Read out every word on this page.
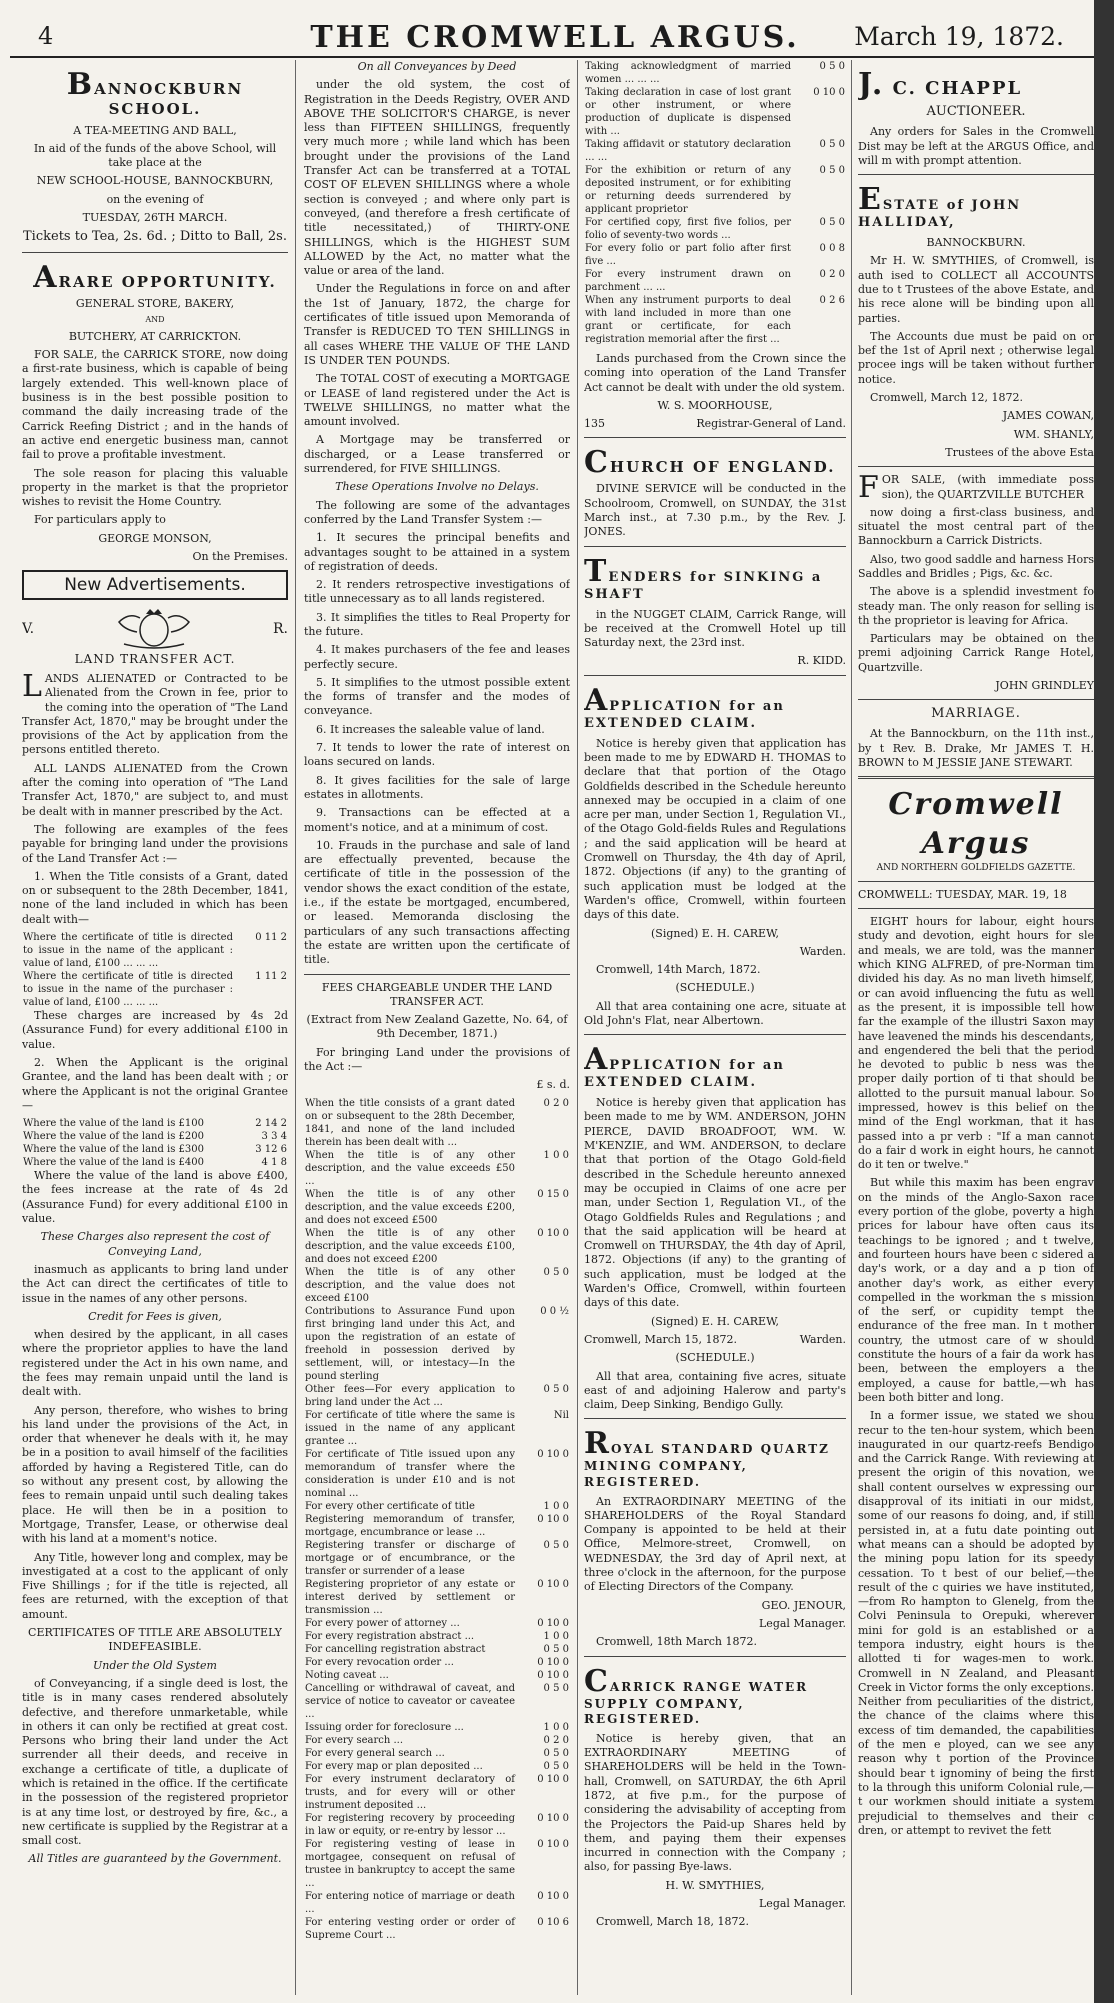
4	THE CROMWELL ARGUS.	March 19, 1872.
BANNOCKBURN SCHOOL.

A TEA-MEETING AND BALL,

In aid of the funds of the above School, will take place at the

NEW SCHOOL-HOUSE, BANNOCKBURN,

on the evening of

TUESDAY, 26TH MARCH.

Tickets to Tea, 2s. 6d. ; Ditto to Ball, 2s.

ARARE OPPORTUNITY.

GENERAL STORE, BAKERY,

AND

BUTCHERY, AT CARRICKTON.

FOR SALE, the CARRICK STORE, now doing a first-rate business, which is capable of being largely extended. This well-known place of business is in the best possible position to command the daily increasing trade of the Carrick Reefing District ; and in the hands of an active end energetic business man, cannot fail to prove a profitable investment.

The sole reason for placing this valuable property in the market is that the proprietor wishes to revisit the Home Country.

For particulars apply to

GEORGE MONSON,

On the Premises.

New Advertisements.
V.	R.

LAND TRANSFER ACT.

LANDS ALIENATED or Contracted to be Alienated from the Crown in fee, prior to the coming into the operation of "The Land Transfer Act, 1870," may be brought under the provisions of the Act by application from the persons entitled thereto.

ALL LANDS ALIENATED from the Crown after the coming into operation of "The Land Transfer Act, 1870," are subject to, and must be dealt with in manner prescribed by the Act.

The following are examples of the fees payable for bringing land under the provisions of the Land Transfer Act :—

1. When the Title consists of a Grant, dated on or subsequent to the 28th December, 1841, none of the land included in which has been dealt with—

Where the certificate of title is directed to issue in the name of the applicant : value of land, £100 ... ... ...	0 11 2
Where the certificate of title is directed to issue in the name of the purchaser : value of land, £100 ... ... ...	1 11 2

These charges are increased by 4s 2d (Assurance Fund) for every additional £100 in value.

2. When the Applicant is the original Grantee, and the land has been dealt with ; or where the Applicant is not the original Grantee—

Where the value of the land is £100	2 14 2
Where the value of the land is £200	3 3 4
Where the value of the land is £300	3 12 6
Where the value of the land is £400	4 1 8

Where the value of the land is above £400, the fees increase at the rate of 4s 2d (Assurance Fund) for every additional £100 in value.

These Charges also represent the cost of Conveying Land,

inasmuch as applicants to bring land under the Act can direct the certificates of title to issue in the names of any other persons.

Credit for Fees is given,

when desired by the applicant, in all cases where the proprietor applies to have the land registered under the Act in his own name, and the fees may remain unpaid until the land is dealt with.

Any person, therefore, who wishes to bring his land under the provisions of the Act, in order that whenever he deals with it, he may be in a position to avail himself of the facilities afforded by having a Registered Title, can do so without any present cost, by allowing the fees to remain unpaid until such dealing takes place. He will then be in a position to Mortgage, Transfer, Lease, or otherwise deal with his land at a moment's notice.

Any Title, however long and complex, may be investigated at a cost to the applicant of only Five Shillings ; for if the title is rejected, all fees are returned, with the exception of that amount.

CERTIFICATES OF TITLE ARE ABSOLUTELY INDEFEASIBLE.

Under the Old System

of Conveyancing, if a single deed is lost, the title is in many cases rendered absolutely defective, and therefore unmarketable, while in others it can only be rectified at great cost. Persons who bring their land under the Act surrender all their deeds, and receive in exchange a certificate of title, a duplicate of which is retained in the office. If the certificate in the possession of the registered proprietor is at any time lost, or destroyed by fire, &c., a new certificate is supplied by the Registrar at a small cost.

All Titles are guaranteed by the Government.

On all Conveyances by Deed

under the old system, the cost of Registration in the Deeds Registry, OVER AND ABOVE THE SOLICITOR'S CHARGE, is never less than FIFTEEN SHILLINGS, frequently very much more ; while land which has been brought under the provisions of the Land Transfer Act can be transferred at a TOTAL COST OF ELEVEN SHILLINGS where a whole section is conveyed ; and where only part is conveyed, (and therefore a fresh certificate of title necessitated,) of THIRTY-ONE SHILLINGS, which is the HIGHEST SUM ALLOWED by the Act, no matter what the value or area of the land.

Under the Regulations in force on and after the 1st of January, 1872, the charge for certificates of title issued upon Memoranda of Transfer is REDUCED TO TEN SHILLINGS in all cases WHERE THE VALUE OF THE LAND IS UNDER TEN POUNDS.

The TOTAL COST of executing a MORTGAGE or LEASE of land registered under the Act is TWELVE SHILLINGS, no matter what the amount involved.

A Mortgage may be transferred or discharged, or a Lease transferred or surrendered, for FIVE SHILLINGS.

These Operations Involve no Delays.

The following are some of the advantages conferred by the Land Transfer System :—

1. It secures the principal benefits and advantages sought to be attained in a system of registration of deeds.

2. It renders retrospective investigations of title unnecessary as to all lands registered.

3. It simplifies the titles to Real Property for the future.

4. It makes purchasers of the fee and leases perfectly secure.

5. It simplifies to the utmost possible extent the forms of transfer and the modes of conveyance.

6. It increases the saleable value of land.

7. It tends to lower the rate of interest on loans secured on lands.

8. It gives facilities for the sale of large estates in allotments.

9. Transactions can be effected at a moment's notice, and at a minimum of cost.

10. Frauds in the purchase and sale of land are effectually prevented, because the certificate of title in the possession of the vendor shows the exact condition of the estate, i.e., if the estate be mortgaged, encumbered, or leased. Memoranda disclosing the particulars of any such transactions affecting the estate are written upon the certificate of title.

FEES CHARGEABLE UNDER THE LAND TRANSFER ACT.

(Extract from New Zealand Gazette, No. 64, of 9th December, 1871.)

For bringing Land under the provisions of the Act :—

£ s. d.

When the title consists of a grant dated on or subsequent to the 28th December, 1841, and none of the land included therein has been dealt with ...	0 2 0
When the title is of any other description, and the value exceeds £50 ...	1 0 0
When the title is of any other description, and the value exceeds £200, and does not exceed £500	0 15 0
When the title is of any other description, and the value exceeds £100, and does not exceed £200	0 10 0
When the title is of any other description, and the value does not exceed £100	0 5 0
Contributions to Assurance Fund upon first bringing land under this Act, and upon the registration of an estate of freehold in possession derived by settlement, will, or intestacy—In the pound sterling	0 0 ½
Other fees—For every application to bring land under the Act ...	0 5 0
For certificate of title where the same is issued in the name of any applicant grantee ...	Nil
For certificate of Title issued upon any memorandum of transfer where the consideration is under £10 and is not nominal ...	0 10 0
For every other certificate of title	1 0 0
Registering memorandum of transfer, mortgage, encumbrance or lease ...	0 10 0
Registering transfer or discharge of mortgage or of encumbrance, or the transfer or surrender of a lease	0 5 0
Registering proprietor of any estate or interest derived by settlement or transmission ...	0 10 0
For every power of attorney ...	0 10 0
For every registration abstract ...	1 0 0
For cancelling registration abstract	0 5 0
For every revocation order ...	0 10 0
Noting caveat ...	0 10 0
Cancelling or withdrawal of caveat, and service of notice to caveator or caveatee ...	0 5 0
Issuing order for foreclosure ...	1 0 0
For every search ...	0 2 0
For every general search ...	0 5 0
For every map or plan deposited ...	0 5 0
For every instrument declaratory of trusts, and for every will or other instrument deposited ...	0 10 0
For registering recovery by proceeding in law or equity, or re-entry by lessor ...	0 10 0
For registering vesting of lease in mortgagee, consequent on refusal of trustee in bankruptcy to accept the same ...	0 10 0
For entering notice of marriage or death ...	0 10 0
For entering vesting order or order of Supreme Court ...	0 10 6
Taking acknowledgment of married women ... ... ...	0 5 0
Taking declaration in case of lost grant or other instrument, or where production of duplicate is dispensed with ...	0 10 0
Taking affidavit or statutory declaration ... ...	0 5 0
For the exhibition or return of any deposited instrument, or for exhibiting or returning deeds surrendered by applicant proprietor	0 5 0
For certified copy, first five folios, per folio of seventy-two words ...	0 5 0
For every folio or part folio after first five ...	0 0 8
For every instrument drawn on parchment ... ...	0 2 0
When any instrument purports to deal with land included in more than one grant or certificate, for each registration memorial after the first ...	0 2 6

Lands purchased from the Crown since the coming into operation of the Land Transfer Act cannot be dealt with under the old system.

W. S. MOORHOUSE,

135	Registrar-General of Land.

CHURCH OF ENGLAND.

DIVINE SERVICE will be conducted in the Schoolroom, Cromwell, on SUNDAY, the 31st March inst., at 7.30 p.m., by the Rev. J. JONES.

TENDERS for SINKING a SHAFT

in the NUGGET CLAIM, Carrick Range, will be received at the Cromwell Hotel up till Saturday next, the 23rd inst.

R. KIDD.

APPLICATION for an EXTENDED CLAIM.

Notice is hereby given that application has been made to me by EDWARD H. THOMAS to declare that that portion of the Otago Goldfields described in the Schedule hereunto annexed may be occupied in a claim of one acre per man, under Section 1, Regulation VI., of the Otago Gold-fields Rules and Regulations ; and the said application will be heard at Cromwell on Thursday, the 4th day of April, 1872. Objections (if any) to the granting of such application must be lodged at the Warden's office, Cromwell, within fourteen days of this date.

(Signed) E. H. CAREW,

Warden.

Cromwell, 14th March, 1872.

(SCHEDULE.)

All that area containing one acre, situate at Old John's Flat, near Albertown.

APPLICATION for an EXTENDED CLAIM.

Notice is hereby given that application has been made to me by WM. ANDERSON, JOHN PIERCE, DAVID BROADFOOT, WM. W. M'KENZIE, and WM. ANDERSON, to declare that that portion of the Otago Gold-field described in the Schedule hereunto annexed may be occupied in Claims of one acre per man, under Section 1, Regulation VI., of the Otago Goldfields Rules and Regulations ; and that the said application will be heard at Cromwell on THURSDAY, the 4th day of April, 1872. Objections (if any) to the granting of such application, must be lodged at the Warden's Office, Cromwell, within fourteen days of this date.

(Signed) E. H. CAREW,

Cromwell, March 15, 1872.	Warden.

(SCHEDULE.)

All that area, containing five acres, situate east of and adjoining Halerow and party's claim, Deep Sinking, Bendigo Gully.

ROYAL STANDARD QUARTZ MINING COMPANY, REGISTERED.

An EXTRAORDINARY MEETING of the SHAREHOLDERS of the Royal Standard Company is appointed to be held at their Office, Melmore-street, Cromwell, on WEDNESDAY, the 3rd day of April next, at three o'clock in the afternoon, for the purpose of Electing Directors of the Company.

GEO. JENOUR,

Legal Manager.

Cromwell, 18th March 1872.

CARRICK RANGE WATER SUPPLY COMPANY, REGISTERED.

Notice is hereby given, that an EXTRAORDINARY MEETING of SHAREHOLDERS will be held in the Town-hall, Cromwell, on SATURDAY, the 6th April 1872, at five p.m., for the purpose of considering the advisability of accepting from the Projectors the Paid-up Shares held by them, and paying them their expenses incurred in connection with the Company ; also, for passing Bye-laws.

H. W. SMYTHIES,

Legal Manager.

Cromwell, March 18, 1872.

J. C. CHAPPL

AUCTIONEER.

Any orders for Sales in the Cromwell Dist may be left at the ARGUS Office, and will m with prompt attention.

ESTATE of JOHN HALLIDAY,

BANNOCKBURN.

Mr H. W. SMYTHIES, of Cromwell, is auth ised to COLLECT all ACCOUNTS due to t Trustees of the above Estate, and his rece alone will be binding upon all parties.

The Accounts due must be paid on or bef the 1st of April next ; otherwise legal procee ings will be taken without further notice.

Cromwell, March 12, 1872.

JAMES COWAN,

WM. SHANLY,

Trustees of the above Esta

FOR SALE, (with immediate poss sion), the QUARTZVILLE BUTCHER

now doing a first-class business, and situatel the most central part of the Bannockburn a Carrick Districts.

Also, two good saddle and harness Hors Saddles and Bridles ; Pigs, &c. &c.

The above is a splendid investment fo steady man. The only reason for selling is th the proprietor is leaving for Africa.

Particulars may be obtained on the premi adjoining Carrick Range Hotel, Quartzville.

JOHN GRINDLEY

MARRIAGE.

At the Bannockburn, on the 11th inst., by t Rev. B. Drake, Mr JAMES T. H. BROWN to M JESSIE JANE STEWART.

Cromwell Argus

AND NORTHERN GOLDFIELDS GAZETTE.

CROMWELL: TUESDAY, MAR. 19, 18

EIGHT hours for labour, eight hours study and devotion, eight hours for sle and meals, we are told, was the manner which KING ALFRED, of pre-Norman tim divided his day. As no man liveth himself, or can avoid influencing the futu as well as the present, it is impossible tell how far the example of the illustri Saxon may have leavened the minds his descendants, and engendered the beli that the period he devoted to public b ness was the proper daily portion of ti that should be allotted to the pursuit manual labour. So impressed, howev is this belief on the mind of the Engl workman, that it has passed into a pr verb : "If a man cannot do a fair d work in eight hours, he cannot do it ten or twelve."

But while this maxim has been engrav on the minds of the Anglo-Saxon race every portion of the globe, poverty a high prices for labour have often caus its teachings to be ignored ; and t twelve, and fourteen hours have been c sidered a day's work, or a day and a p tion of another day's work, as either every compelled in the workman the s mission of the serf, or cupidity tempt the endurance of the free man. In t mother country, the utmost care of w should constitute the hours of a fair da work has been, between the employers a the employed, a cause for battle,—wh has been both bitter and long.

In a former issue, we stated we shou recur to the ten-hour system, which been inaugurated in our quartz-reefs Bendigo and the Carrick Range. With reviewing at present the origin of this novation, we shall content ourselves w expressing our disapproval of its initiati in our midst, some of our reasons fo doing, and, if still persisted in, at a futu date pointing out what means can a should be adopted by the mining popu lation for its speedy cessation. To t best of our belief,—the result of the c quiries we have instituted,—from Ro hampton to Glenelg, from the Colvi Peninsula to Orepuki, wherever mini for gold is an established or a tempora industry, eight hours is the allotted ti for wages-men to work. Cromwell in N Zealand, and Pleasant Creek in Victor forms the only exceptions. Neither from peculiarities of the district, the chance of the claims where this excess of tim demanded, the capabilities of the men e ployed, can we see any reason why t portion of the Province should bear t ignominy of being the first to la through this uniform Colonial rule,—t our workmen should initiate a system prejudicial to themselves and their c dren, or attempt to revivet the fett
